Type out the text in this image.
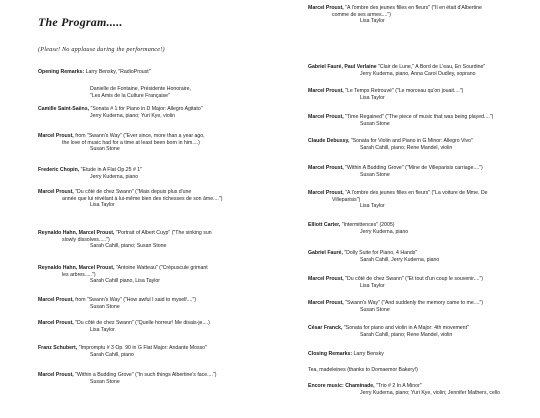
The Program.....

(Please! No applause during the performance!)

Opening Remarks: Larry Bensky, "RadioProust"

Danielle de Fontaine, Présidente Honoraire,

"Les Amis de la Culture Française"

Camille Saint-Saëns, "Sonata # 1 for Piano in D Major: Allegro Agitato"

Jerry Kuderna, piano; Yuri Kye, violin

Marcel Proust, from "Swann's Way" ("Ever since, more than a year ago,

the love of music had for a time at least been born in him....)

Susan Stone

Frederic Chopin, "Etude in A Flat Op.25 # 1"

Jerry Kuderna, piano

Marcel Proust, "Du côté de chez Swann" ("Mais depuis plus d'une

année que lui révélant à lui-même bien des richesses de son âme....")

Lisa Taylor

Reynaldo Hahn, Marcel Proust, "Portrait of Albert Cuyp" ("The sinking sun

slowly dissolves.....")

Sarah Cahill, piano; Susan Stone

Reynaldo Hahn, Marcel Proust, "Antoine Watteau" ("Crépuscule grimant

les arbres.....")

Sarah Cahill piano, Lisa Taylor

Marcel Proust, from "Swann's Way" ("How awful I said to myself....")

Susan Stone

Marcel Proust, "Du côté de chez Swann" ("Quelle horreur! Me disais-je....)

Lisa Taylor

Franz Schubert, "Impromptu # 3 Op. 90 in G Flat Major: Andante Mosso"

Sarah Cahill, piano

Marcel Proust, "Within a Budding Grove" ("In such things Albertine's face....")

Susan Stone

Marcel Proust, "A l'ombre des jeunes filles en fleurs" ("Il en était d'Albertine

comme de ses armes....")

Lisa Taylor

Gabriel Fauré, Paul Verlaine "Clair de Lune," A Bord de L'eau, En Sourdine"

Jerry Kuderna, piano, Anna Carol Dudley, soprano

Marcel Proust, "Le Temps Retrouvé" ("Le morceau qu'on jouait....")

Lisa Taylor

Marcel Proust, "Time Regained" ("The piece of music that was being played....")

Susan Stone

Claude Debussy, "Sonata for Violin and Piano in G Minor: Allegro Vivo"

Sarah Cahill, piano; Rene Mandel, violin

Marcel Proust, "Within A Budding Grove" ("Mine de Villeparisis carriage....")

Susan Stone

Marcel Proust, "A l'ombre des jeunes filles en fleurs" ("La voiture de Mme. De

Villeparisis")

Lisa Taylor

Elliott Carter, "Intermittences" (2005)

Jerry Kuderna, piano

Gabriel Fauré, "Dolly Suite for Piano, 4 Hands"

Sarah Cahill, Jerry Kuderna, piano

Marcel Proust, "Du côté de chez Swann" ("Et tout d'un coup le souvenir....")

Lisa Taylor

Marcel Proust, "Swann's Way" ("And suddenly the memory came to me....")

Susan Stone

César Franck, "Sonata for piano and violin in A Major: 4th movement"

Sarah Cahill, piano; Rene Mandel, violin

Closing Remarks: Larry Bensky

Tea, madeleines (thanks to Domaemor Bakery!)

Encore music: Chaminade, "Trio # 2 In A Minor"

Jerry Kuderna, piano; Yuri Kye, violin; Jennifer Mathers, cello
